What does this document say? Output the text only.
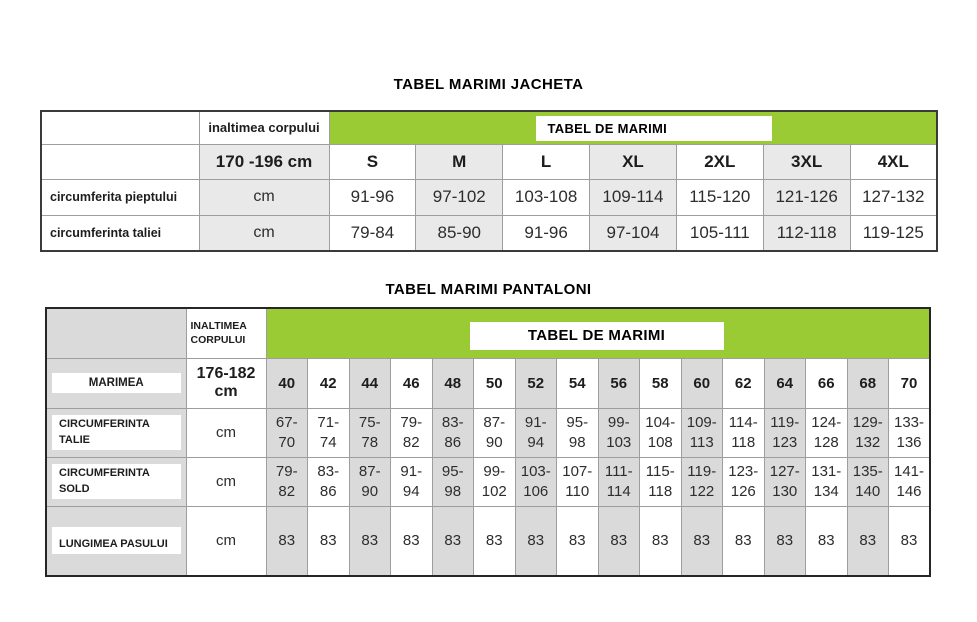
TABEL MARIMI JACHETA
	inaltimea corpului	TABEL DE MARIMI						

	170 -196 cm	S	M	L	XL	2XL	3XL	4XL
circumferita pieptului	cm	91-96	97-102	103-108	109-114	115-120	121-126	127-132
circumferinta taliei	cm	79-84	85-90	91-96	97-104	105-111	112-118	119-125
TABEL MARIMI PANTALONI
	INALTIMEA CORPULUI	TABEL DE MARIMI															

MARIMEA	176-182 cm	40	42	44	46	48	50	52	54	56	58	60	62	64	66	68	70

CIRCUMFERINTA TALIE	cm	67-70	71-74	75-78	79-82	83-86	87-90	91-94	95-98	99-103	104-108	109-113	114-118	119-123	124-128	129-132	133-136

CIRCUMFERINTA SOLD	cm	79-82	83-86	87-90	91-94	95-98	99-102	103-106	107-110	111-114	115-118	119-122	123-126	127-130	131-134	135-140	141-146

LUNGIMEA PASULUI	cm	83	83	83	83	83	83	83	83	83	83	83	83	83	83	83	83
